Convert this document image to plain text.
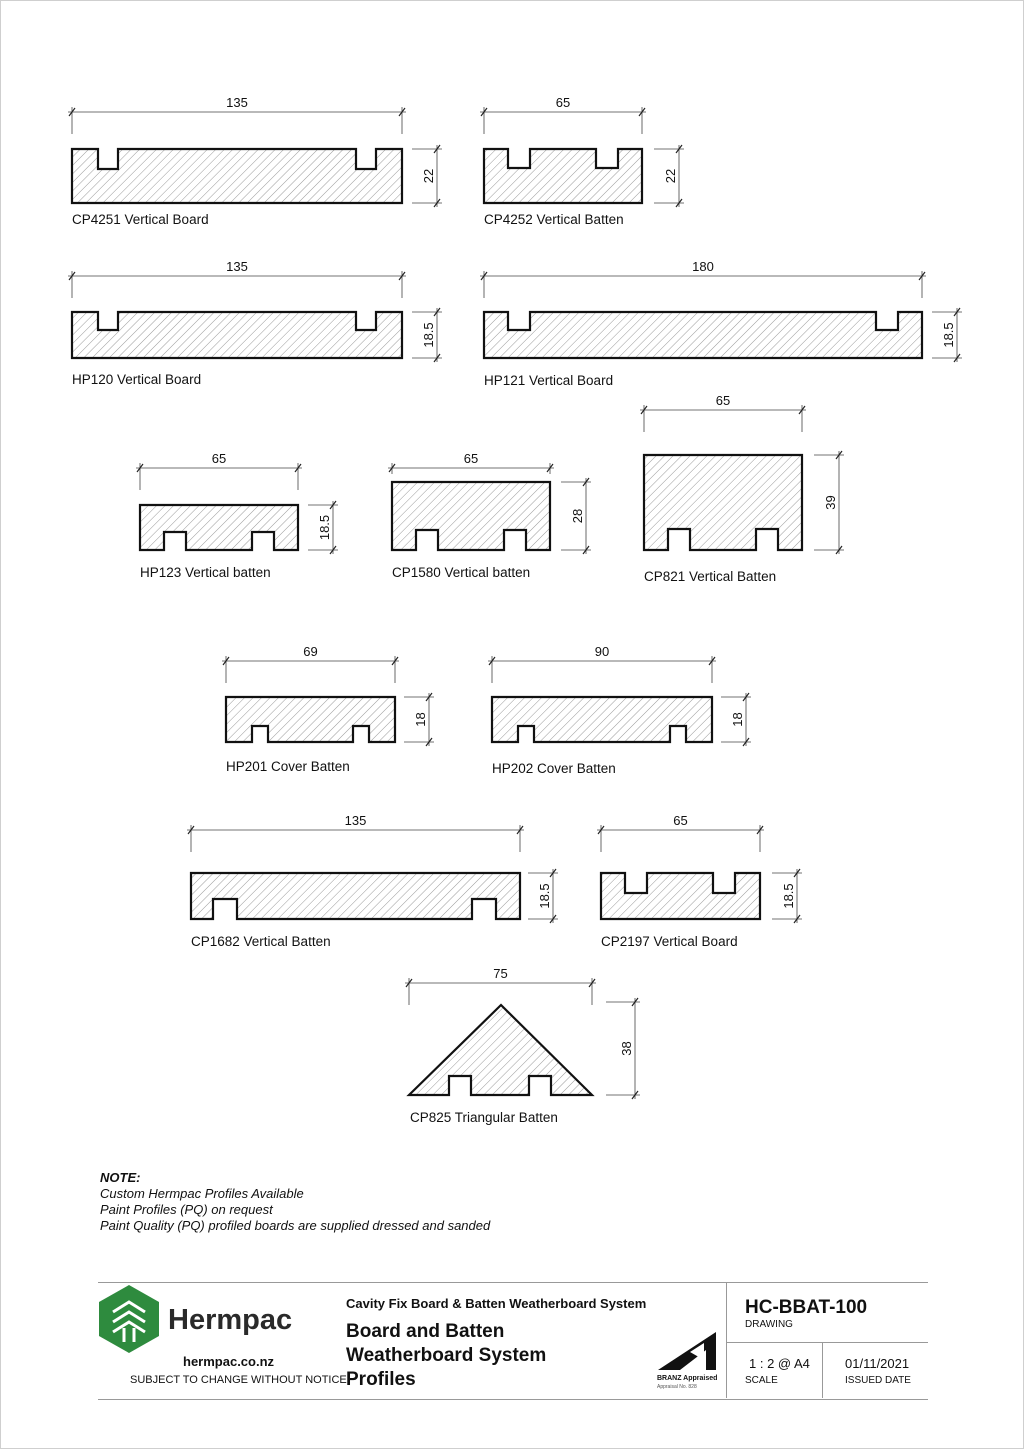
135
22
CP4251 Vertical Board
65
22
CP4252 Vertical Batten
135
18.5
HP120 Vertical Board
180
18.5
HP121 Vertical Board
65
18.5
HP123 Vertical batten
65
28
CP1580 Vertical batten
65
39
CP821 Vertical Batten
69
18
HP201 Cover Batten
90
18
HP202 Cover Batten
135
18.5
CP1682 Vertical Batten
65
18.5
CP2197 Vertical Board
75
38
CP825 Triangular Batten
NOTE:
Custom Hermpac Profiles Available
Paint Profiles (PQ) on request
Paint Quality (PQ) profiled boards are supplied dressed and sanded
Hermpac
hermpac.co.nz
SUBJECT TO CHANGE WITHOUT NOTICE
Cavity Fix Board & Batten Weatherboard System
Board and Batten
Weatherboard System
Profiles	BRANZ Appraised
Appraisal No. 828
HC-BBAT-100
DRAWING
1 : 2 @ A4
SCALE
01/11/2021
ISSUED DATE
